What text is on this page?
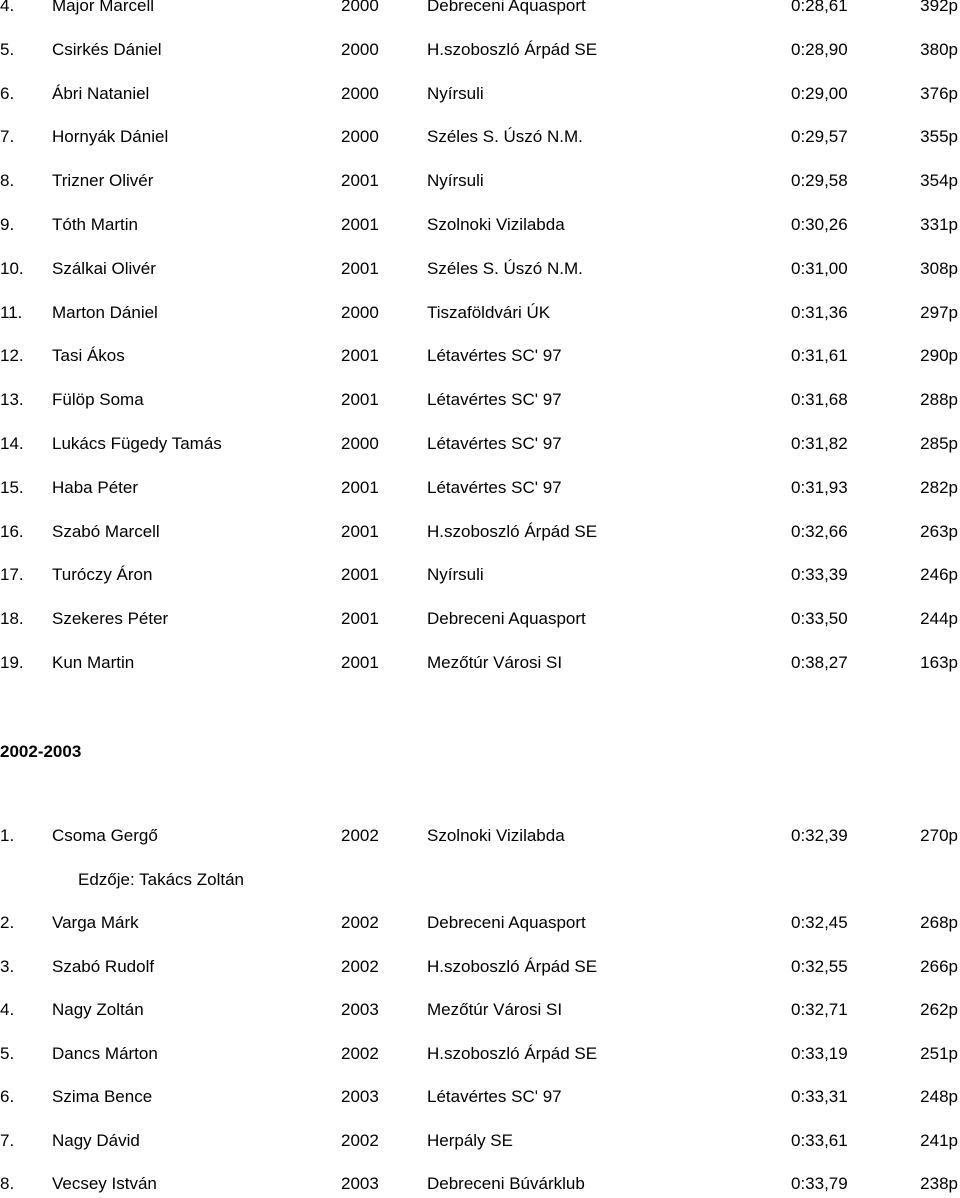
4. Major Marcell	2000	Debreceni Aquasport	0:28,61	392p
5. Csirkés Dániel	2000	H.szoboszló Árpád SE	0:28,90	380p
6. Ábri Nataniel	2000	Nyírsuli	0:29,00	376p
7. Hornyák Dániel	2000	Széles S. Úszó N.M.	0:29,57	355p
8. Trizner Olivér	2001	Nyírsuli	0:29,58	354p
9. Tóth Martin	2001	Szolnoki Vizilabda	0:30,26	331p
10. Szálkai Olivér	2001	Széles S. Úszó N.M.	0:31,00	308p
11. Marton Dániel	2000	Tiszaföldvári ÚK	0:31,36	297p
12. Tasi Ákos	2001	Létavértes SC' 97	0:31,61	290p
13. Fülöp Soma	2001	Létavértes SC' 97	0:31,68	288p
14. Lukács Fügedy Tamás	2000	Létavértes SC' 97	0:31,82	285p
15. Haba Péter	2001	Létavértes SC' 97	0:31,93	282p
16. Szabó Marcell	2001	H.szoboszló Árpád SE	0:32,66	263p
17. Turóczy Áron	2001	Nyírsuli	0:33,39	246p
18. Szekeres Péter	2001	Debreceni Aquasport	0:33,50	244p
19. Kun Martin	2001	Mezőtúr Városi SI	0:38,27	163p
2002-2003
1. Csoma Gergő	2002	Szolnoki Vizilabda	0:32,39	270p
2. Varga Márk	2002	Debreceni Aquasport	0:32,45	268p
3. Szabó Rudolf	2002	H.szoboszló Árpád SE	0:32,55	266p
4. Nagy Zoltán	2003	Mezőtúr Városi SI	0:32,71	262p
5. Dancs Márton	2002	H.szoboszló Árpád SE	0:33,19	251p
6. Szima Bence	2003	Létavértes SC' 97	0:33,31	248p
7. Nagy Dávid	2002	Herpály SE	0:33,61	241p
8. Vecsey István	2003	Debreceni Búvárklub	0:33,79	238p
Edzője: Takács Zoltán
